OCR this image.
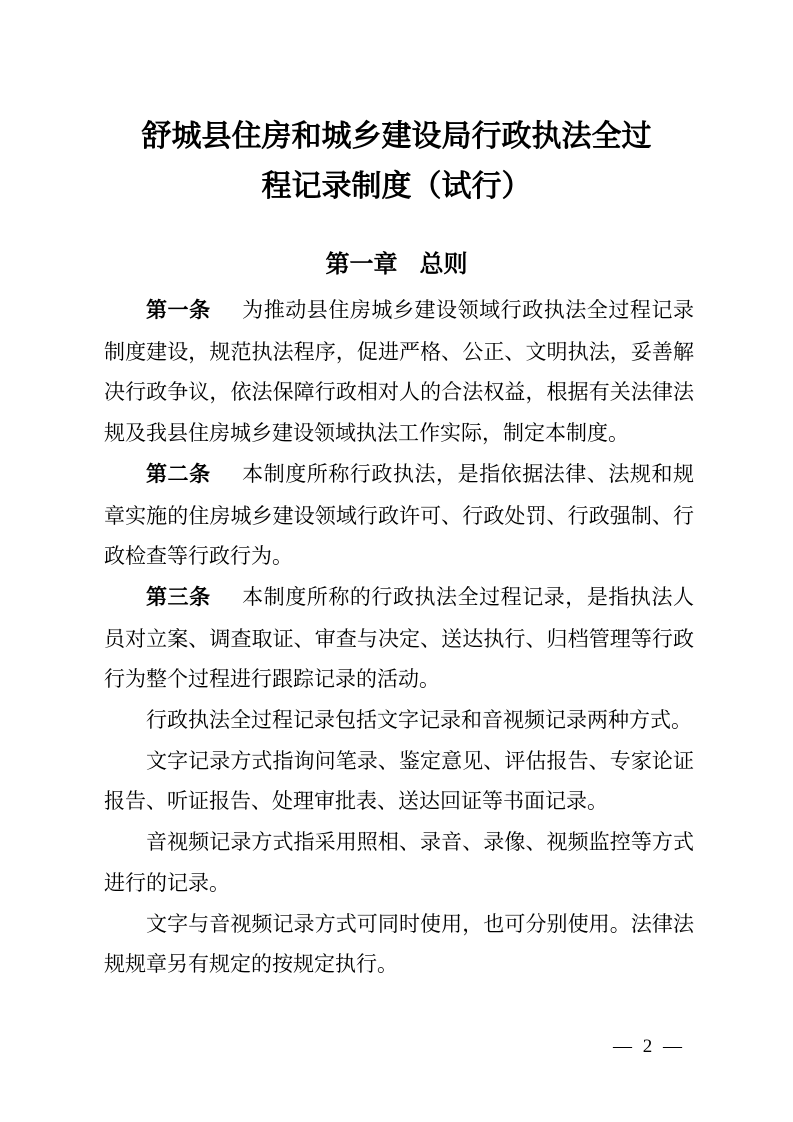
舒城县住房和城乡建设局行政执法全过
程记录制度（试行）
第一章 总则

第一条 为推动县住房城乡建设领域行政执法全过程记录制度建设，规范执法程序，促进严格、公正、文明执法，妥善解决行政争议，依法保障行政相对人的合法权益，根据有关法律法规及我县住房城乡建设领域执法工作实际，制定本制度。

第二条 本制度所称行政执法，是指依据法律、法规和规章实施的住房城乡建设领域行政许可、行政处罚、行政强制、行政检查等行政行为。

第三条 本制度所称的行政执法全过程记录，是指执法人员对立案、调查取证、审查与决定、送达执行、归档管理等行政行为整个过程进行跟踪记录的活动。

行政执法全过程记录包括文字记录和音视频记录两种方式。

文字记录方式指询问笔录、鉴定意见、评估报告、专家论证报告、听证报告、处理审批表、送达回证等书面记录。

音视频记录方式指采用照相、录音、录像、视频监控等方式进行的记录。

文字与音视频记录方式可同时使用，也可分别使用。法律法规规章另有规定的按规定执行。

— 2 —
